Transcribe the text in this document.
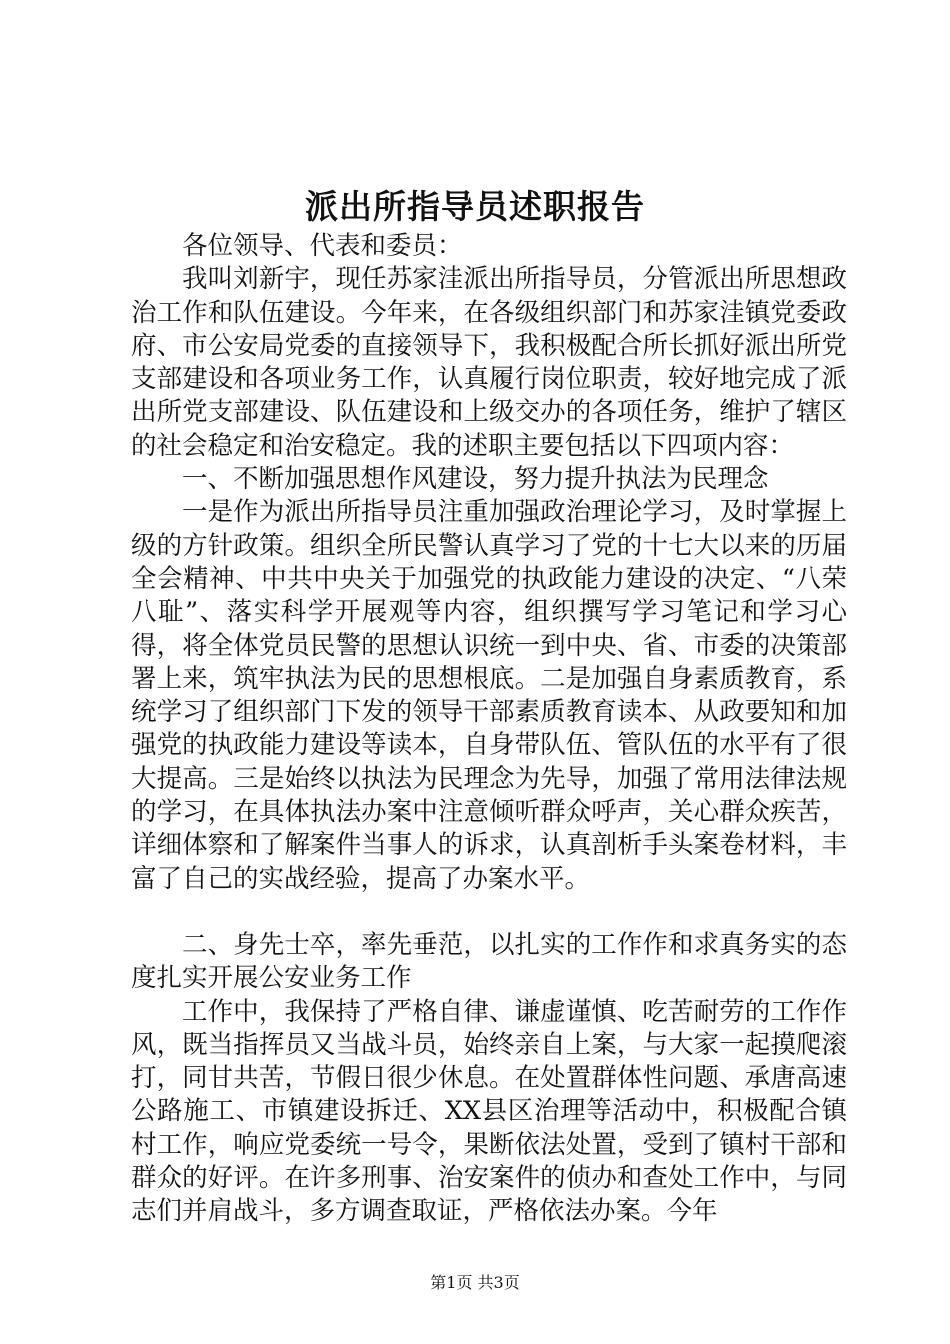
派出所指导员述职报告

各位领导、代表和委员：

我叫刘新宇，现任苏家洼派出所指导员，分管派出所思想政治工作和队伍建设。今年来，在各级组织部门和苏家洼镇党委政府、市公安局党委的直接领导下，我积极配合所长抓好派出所党支部建设和各项业务工作，认真履行岗位职责，较好地完成了派出所党支部建设、队伍建设和上级交办的各项任务，维护了辖区的社会稳定和治安稳定。我的述职主要包括以下四项内容：

一、不断加强思想作风建设，努力提升执法为民理念

一是作为派出所指导员注重加强政治理论学习，及时掌握上级的方针政策。组织全所民警认真学习了党的十七大以来的历届全会精神、中共中央关于加强党的执政能力建设的决定、“八荣八耻”、落实科学开展观等内容，组织撰写学习笔记和学习心得，将全体党员民警的思想认识统一到中央、省、市委的决策部署上来，筑牢执法为民的思想根底。二是加强自身素质教育，系统学习了组织部门下发的领导干部素质教育读本、从政要知和加强党的执政能力建设等读本，自身带队伍、管队伍的水平有了很大提高。三是始终以执法为民理念为先导，加强了常用法律法规的学习，在具体执法办案中注意倾听群众呼声，关心群众疾苦，详细体察和了解案件当事人的诉求，认真剖析手头案卷材料，丰富了自己的实战经验，提高了办案水平。

二、身先士卒，率先垂范，以扎实的工作作和求真务实的态度扎实开展公安业务工作

工作中，我保持了严格自律、谦虚谨慎、吃苦耐劳的工作作风，既当指挥员又当战斗员，始终亲自上案，与大家一起摸爬滚打，同甘共苦，节假日很少休息。在处置群体性问题、承唐高速公路施工、市镇建设拆迁、XX县区治理等活动中，积极配合镇村工作，响应党委统一号令，果断依法处置，受到了镇村干部和群众的好评。在许多刑事、治安案件的侦办和查处工作中，与同志们并肩战斗，多方调查取证，严格依法办案。今年

第1页 共3页
